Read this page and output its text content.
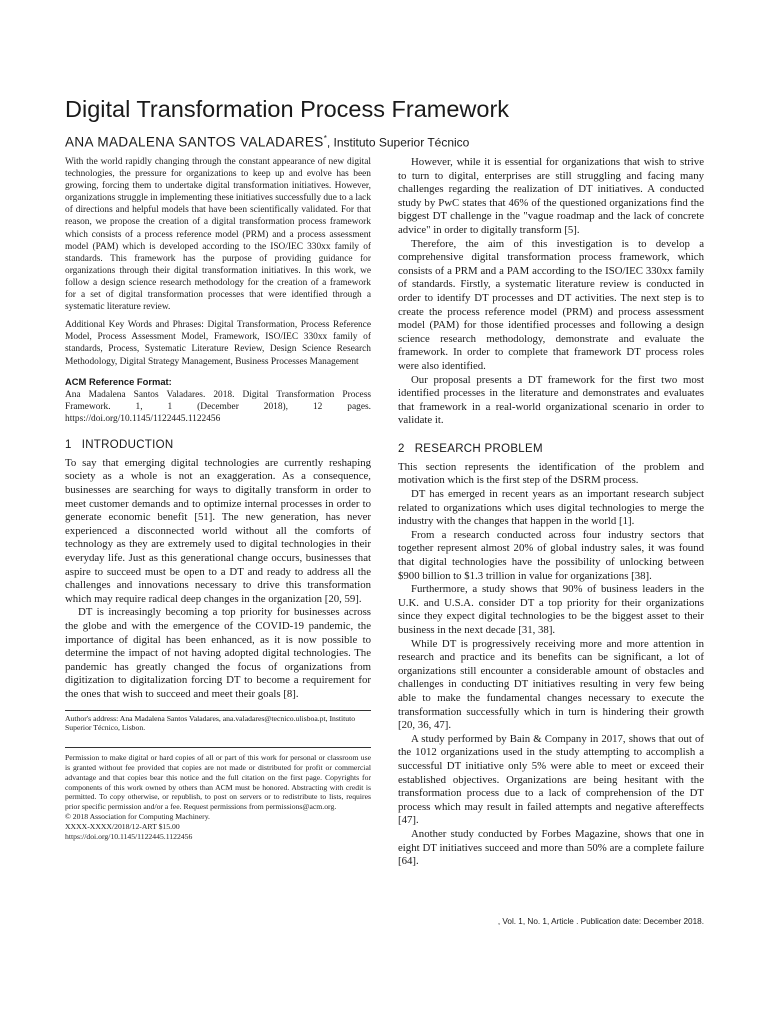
Digital Transformation Process Framework
ANA MADALENA SANTOS VALADARES*, Instituto Superior Técnico

With the world rapidly changing through the constant appearance of new digital technologies, the pressure for organizations to keep up and evolve has been growing, forcing them to undertake digital transformation initiatives. However, organizations struggle in implementing these initiatives successfully due to a lack of directions and helpful models that have been scientifically validated. For that reason, we propose the creation of a digital transformation process framework which consists of a process reference model (PRM) and a process assessment model (PAM) which is developed according to the ISO/IEC 330xx family of standards. This framework has the purpose of providing guidance for organizations through their digital transformation initiatives. In this work, we follow a design science research methodology for the creation of a framework for a set of digital transformation processes that were identified through a systematic literature review.

Additional Key Words and Phrases: Digital Transformation, Process Reference Model, Process Assessment Model, Framework, ISO/IEC 330xx family of standards, Process, Systematic Literature Review, Design Science Research Methodology, Digital Strategy Management, Business Processes Management

ACM Reference Format:

Ana Madalena Santos Valadares. 2018. Digital Transformation Process Framework. 1, 1 (December 2018), 12 pages. https://doi.org/10.1145/1122445.1122456

1 INTRODUCTION

To say that emerging digital technologies are currently reshaping society as a whole is not an exaggeration. As a consequence, businesses are searching for ways to digitally transform in order to meet customer demands and to optimize internal processes in order to generate economic benefit [51]. The new generation, has never experienced a disconnected world without all the comforts of technology as they are extremely used to digital technologies in their everyday life. Just as this generational change occurs, businesses that aspire to succeed must be open to a DT and ready to address all the challenges and innovations necessary to drive this transformation which may require radical deep changes in the organization [20, 59].

DT is increasingly becoming a top priority for businesses across the globe and with the emergence of the COVID-19 pandemic, the importance of digital has been enhanced, as it is now possible to determine the impact of not having adopted digital technologies. The pandemic has greatly changed the focus of organizations from digitization to digitalization forcing DT to become a requirement for the ones that wish to succeed and meet their goals [8].

Author's address: Ana Madalena Santos Valadares, ana.valadares@tecnico.ulisboa.pt, Instituto Superior Técnico, Lisbon.

Permission to make digital or hard copies of all or part of this work for personal or classroom use is granted without fee provided that copies are not made or distributed for profit or commercial advantage and that copies bear this notice and the full citation on the first page. Copyrights for components of this work owned by others than ACM must be honored. Abstracting with credit is permitted. To copy otherwise, or republish, to post on servers or to redistribute to lists, requires prior specific permission and/or a fee. Request permissions from permissions@acm.org.

© 2018 Association for Computing Machinery.

XXXX-XXXX/2018/12-ART $15.00

https://doi.org/10.1145/1122445.1122456

However, while it is essential for organizations that wish to strive to turn to digital, enterprises are still struggling and facing many challenges regarding the realization of DT initiatives. A conducted study by PwC states that 46% of the questioned organizations find the biggest DT challenge in the "vague roadmap and the lack of concrete advice" in order to digitally transform [5].

Therefore, the aim of this investigation is to develop a comprehensive digital transformation process framework, which consists of a PRM and a PAM according to the ISO/IEC 330xx family of standards. Firstly, a systematic literature review is conducted in order to identify DT processes and DT activities. The next step is to create the process reference model (PRM) and process assessment model (PAM) for those identified processes and following a design science research methodology, demonstrate and evaluate the framework. In order to complete that framework DT process roles were also identified.

Our proposal presents a DT framework for the first two most identified processes in the literature and demonstrates and evaluates that framework in a real-world organizational scenario in order to validate it.

2 RESEARCH PROBLEM

This section represents the identification of the problem and motivation which is the first step of the DSRM process.

DT has emerged in recent years as an important research subject related to organizations which uses digital technologies to merge the industry with the changes that happen in the world [1].

From a research conducted across four industry sectors that together represent almost 20% of global industry sales, it was found that digital technologies have the possibility of unlocking between $900 billion to $1.3 trillion in value for organizations [38].

Furthermore, a study shows that 90% of business leaders in the U.K. and U.S.A. consider DT a top priority for their organizations since they expect digital technologies to be the biggest asset to their business in the next decade [31, 38].

While DT is progressively receiving more and more attention in research and practice and its benefits can be significant, a lot of organizations still encounter a considerable amount of obstacles and challenges in conducting DT initiatives resulting in very few being able to make the fundamental changes necessary to execute the transformation successfully which in turn is hindering their growth [20, 36, 47].

A study performed by Bain & Company in 2017, shows that out of the 1012 organizations used in the study attempting to accomplish a successful DT initiative only 5% were able to meet or exceed their established objectives. Organizations are being hesitant with the transformation process due to a lack of comprehension of the DT process which may result in failed attempts and negative aftereffects [47].

Another study conducted by Forbes Magazine, shows that one in eight DT initiatives succeed and more than 50% are a complete failure [64].

, Vol. 1, No. 1, Article . Publication date: December 2018.
